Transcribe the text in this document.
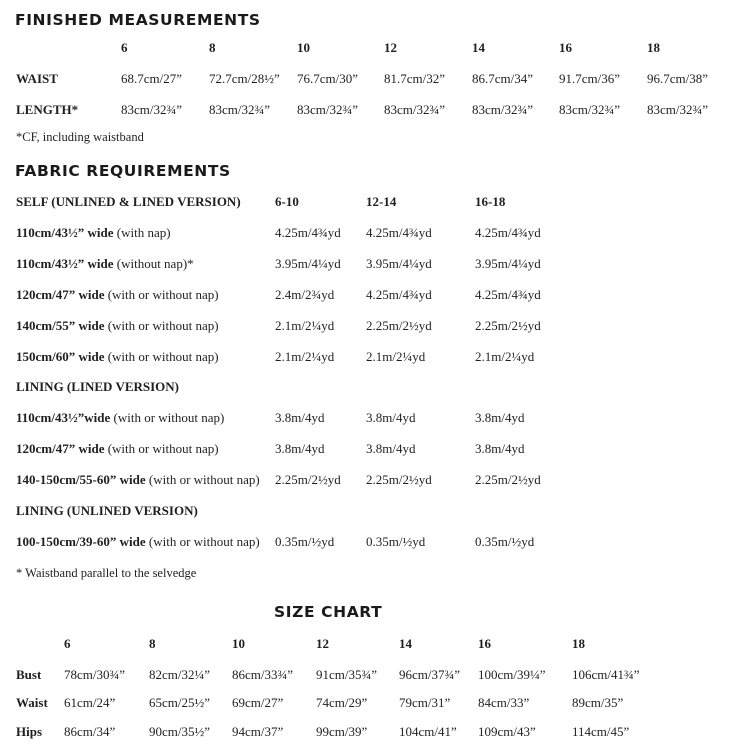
FINISHED MEASUREMENTS
6	8	10	12	14	16	18
WAIST	68.7cm/27” 72.7cm/28½” 76.7cm/30” 81.7cm/32” 86.7cm/34” 91.7cm/36” 96.7cm/38”
LENGTH*	83cm/32¾” 83cm/32¾” 83cm/32¾” 83cm/32¾” 83cm/32¾” 83cm/32¾” 83cm/32¾”
*CF, including waistband
FABRIC REQUIREMENTS
SELF (UNLINED & LINED VERSION)	6-10	12-14	16-18
110cm/43½” wide (with nap)	4.25m/4¾yd 4.25m/4¾yd	4.25m/4¾yd
110cm/43½” wide (without nap)*	3.95m/4¼yd 3.95m/4¼yd	3.95m/4¼yd
120cm/47” wide (with or without nap)	2.4m/2¾yd 4.25m/4¾yd	4.25m/4¾yd
140cm/55” wide (with or without nap)	2.1m/2¼yd 2.25m/2½yd	2.25m/2½yd
150cm/60” wide (with or without nap)	2.1m/2¼yd 2.1m/2¼yd	2.1m/2¼yd
LINING (LINED VERSION)
110cm/43½”wide (with or without nap)	3.8m/4yd	3.8m/4yd	3.8m/4yd
120cm/47” wide (with or without nap)	3.8m/4yd	3.8m/4yd	3.8m/4yd
140-150cm/55-60” wide (with or without nap) 2.25m/2½yd 2.25m/2½yd	2.25m/2½yd
LINING (UNLINED VERSION)
100-150cm/39-60” wide (with or without nap) 0.35m/½yd 0.35m/½yd	0.35m/½yd
* Waistband parallel to the selvedge
SIZE CHART
6	8	10	12	14	16	18
Bust 78cm/30¾” 82cm/32¼” 86cm/33¾” 91cm/35¾” 96cm/37¾” 100cm/39¼” 106cm/41¾”
Waist 61cm/24”	65cm/25½” 69cm/27”	74cm/29” 79cm/31” 84cm/33”	89cm/35”
Hips 86cm/34”	90cm/35½” 94cm/37”	99cm/39” 104cm/41” 109cm/43”	114cm/45”
